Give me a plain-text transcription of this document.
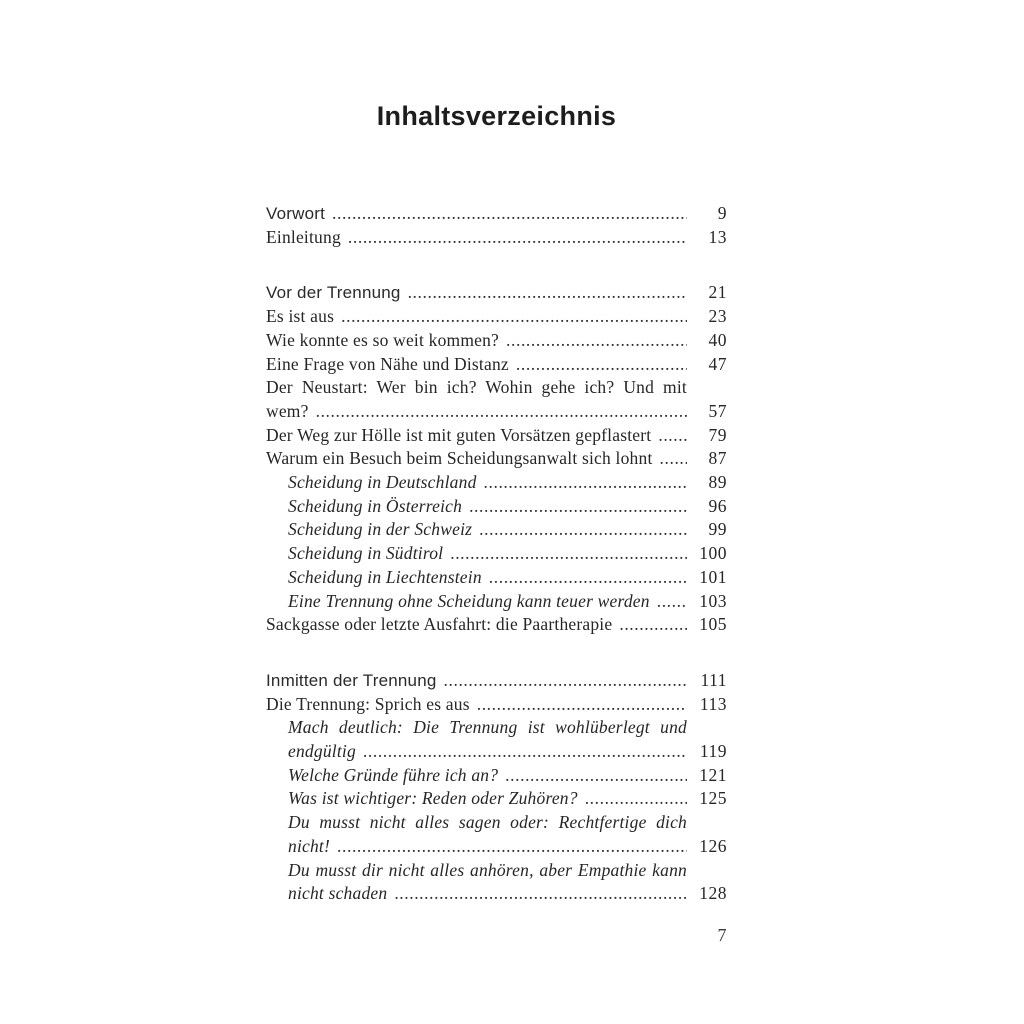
Inhaltsverzeichnis
Vorwort .....	9
Einleitung .....	13
Vor der Trennung .....	21
Es ist aus .....	23
Wie konnte es so weit kommen? .....	40
Eine Frage von Nähe und Distanz .....	47
Der Neustart: Wer bin ich? Wohin gehe ich? Und mit
wem? .....	57
Der Weg zur Hölle ist mit guten Vorsätzen gepflastert .....	79
Warum ein Besuch beim Scheidungsanwalt sich lohnt .....	87
Scheidung in Deutschland .....	89
Scheidung in Österreich .....	96
Scheidung in der Schweiz .....	99
Scheidung in Südtirol .....	100
Scheidung in Liechtenstein .....	101
Eine Trennung ohne Scheidung kann teuer werden .....	103
Sackgasse oder letzte Ausfahrt: die Paartherapie .....	105
Inmitten der Trennung .....	111
Die Trennung: Sprich es aus .....	113
Mach deutlich: Die Trennung ist wohlüberlegt und
endgültig .....	119
Welche Gründe führe ich an? .....	121
Was ist wichtiger: Reden oder Zuhören? .....	125
Du musst nicht alles sagen oder: Rechtfertige dich
nicht! .....	126
Du musst dir nicht alles anhören, aber Empathie kann
nicht schaden .....	128
7
